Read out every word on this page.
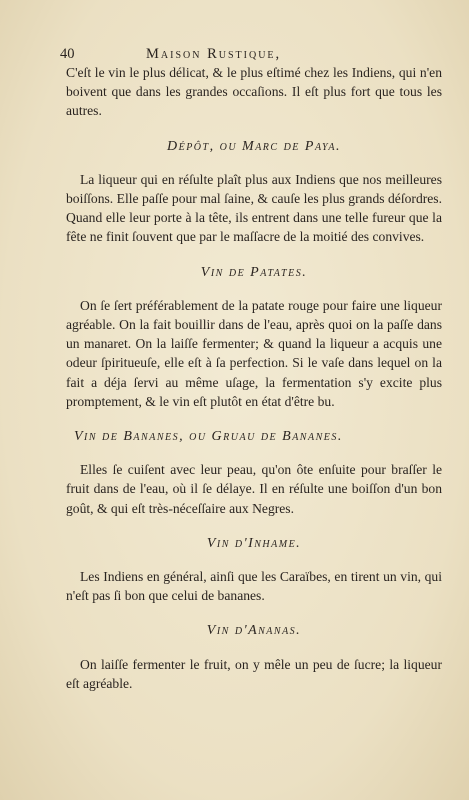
40	Maison Rustique,

C'eſt le vin le plus délicat, & le plus eſtimé chez les Indiens, qui n'en boivent que dans les grandes occaſions. Il eſt plus fort que tous les autres.

Dépôt, ou Marc de Paya.

La liqueur qui en réſulte plaît plus aux Indiens que nos meilleures boiſſons. Elle paſſe pour mal ſaine, & cauſe les plus grands déſordres. Quand elle leur porte à la tête, ils entrent dans une telle fureur que la fête ne finit ſouvent que par le maſſacre de la moitié des convives.

Vin de Patates.

On ſe ſert préférablement de la patate rouge pour faire une liqueur agréable. On la fait bouillir dans de l'eau, après quoi on la paſſe dans un manaret. On la laiſſe fermenter; & quand la liqueur a acquis une odeur ſpiritueuſe, elle eſt à ſa perfection. Si le vaſe dans lequel on la fait a déja ſervi au même uſage, la fermentation s'y excite plus promptement, & le vin eſt plutôt en état d'être bu.

Vin de Bananes, ou Gruau de Bananes.

Elles ſe cuiſent avec leur peau, qu'on ôte enſuite pour braſſer le fruit dans de l'eau, où il ſe délaye. Il en réſulte une boiſſon d'un bon goût, & qui eſt très-néceſſaire aux Negres.

Vin d'Inhame.

Les Indiens en général, ainſi que les Caraïbes, en tirent un vin, qui n'eſt pas ſi bon que celui de bananes.

Vin d'Ananas.

On laiſſe fermenter le fruit, on y mêle un peu de ſucre; la liqueur eſt agréable.
